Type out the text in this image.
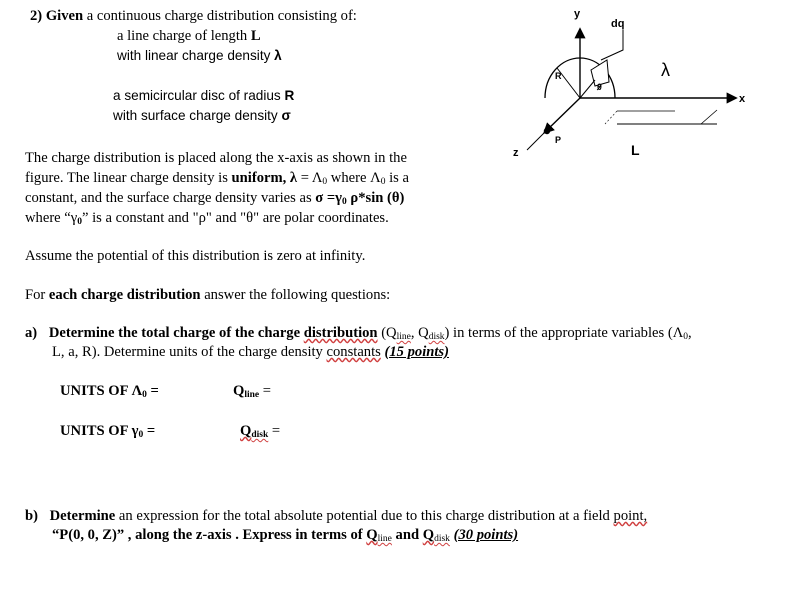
2) Given a continuous charge distribution consisting of:
a line charge of length L
with linear charge density λ
a semicircular disc of radius R
with surface charge density σ
The charge distribution is placed along the x-axis as shown in the
figure. The linear charge density is uniform, $\lambda = \Lambda_0$ where $\Lambda_0$ is a
constant, and the surface charge density varies as $\sigma =\gamma_0$ ρ*sin (θ)
where “$\gamma_0$” is a constant and "ρ" and "θ" are polar coordinates.
Assume the potential of this distribution is zero at infinity.
For each charge distribution answer the following questions:
a) Determine the total charge of the charge distribution ($Q_{line}$, $Q_{disk}$) in terms of the appropriate variables ($\Lambda_0$,
L, a, R). Determine units of the charge density constants (15 points)
UNITS OF $\Lambda_0$ =	$Q_{line}$ =
UNITS OF $\gamma_0$ =	$Q_{disk}$ =
b) Determine an expression for the total absolute potential due to this charge distribution at a field point,
“P(0, 0, Z)” , along the z-axis . Express in terms of $Q_{line}$ and $Q_{disk}$ (30 points)
y
x
z
dq
λ
L
R
θ
P
